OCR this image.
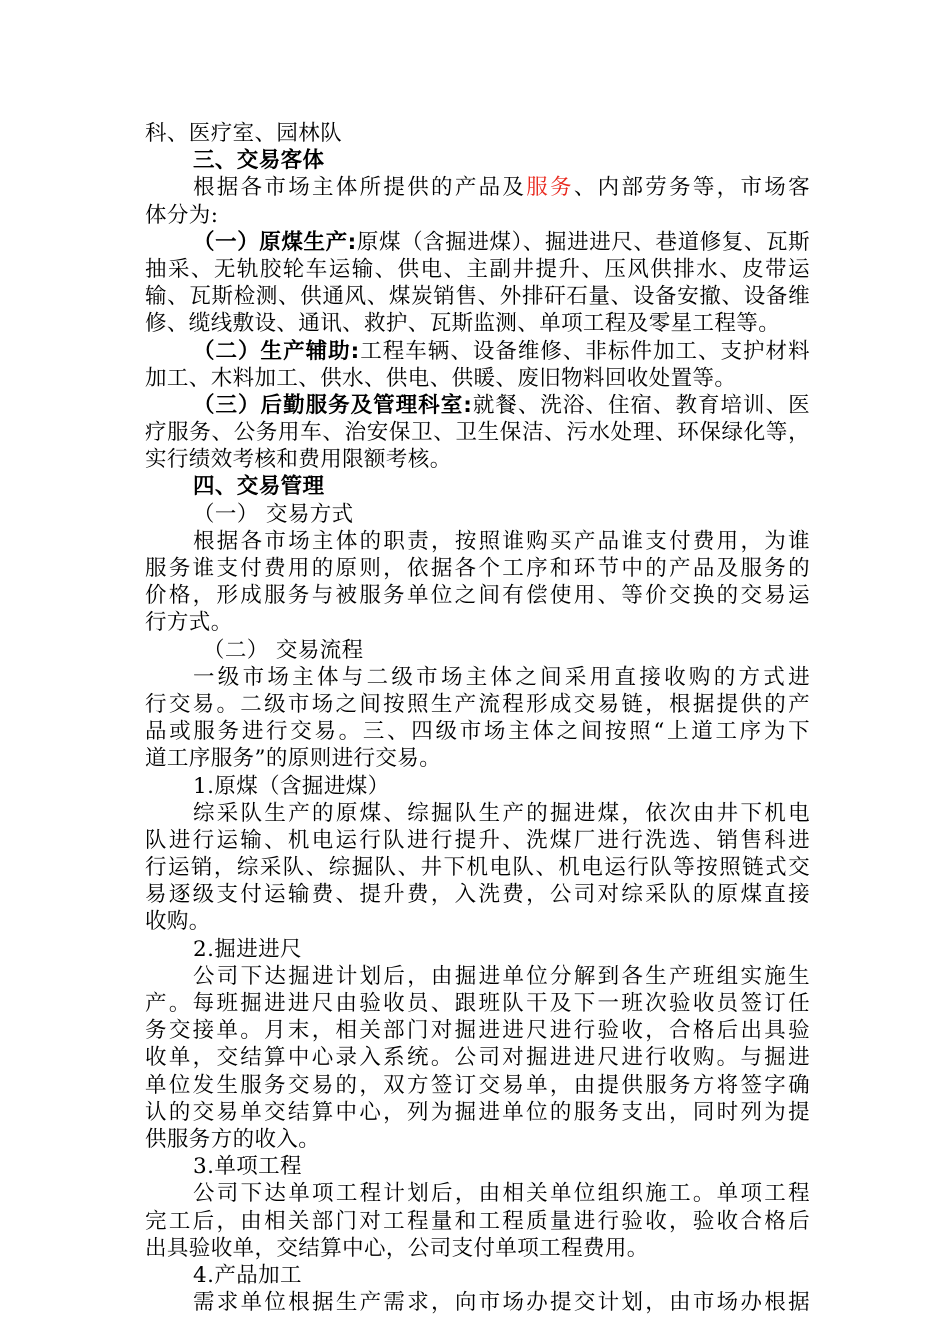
科、医疗室、园林队
三、交易客体
根据各市场主体所提供的产品及服务、内部劳务等，市场客
体分为:
（一）原煤生产:原煤（含掘进煤）、掘进进尺、巷道修复、瓦斯
抽采、无轨胶轮车运输、供电、主副井提升、压风供排水、皮带运
输、瓦斯检测、供通风、煤炭销售、外排矸石量、设备安撤、设备维
修、缆线敷设、通讯、救护、瓦斯监测、单项工程及零星工程等。
（二）生产辅助:工程车辆、设备维修、非标件加工、支护材料
加工、木料加工、供水、供电、供暖、废旧物料回收处置等。
（三）后勤服务及管理科室:就餐、洗浴、住宿、教育培训、医
疗服务、公务用车、治安保卫、卫生保洁、污水处理、环保绿化等，
实行绩效考核和费用限额考核。
四、交易管理
（一） 交易方式
根据各市场主体的职责，按照谁购买产品谁支付费用，为谁
服务谁支付费用的原则，依据各个工序和环节中的产品及服务的
价格，形成服务与被服务单位之间有偿使用、等价交换的交易运
行方式。
（二） 交易流程
一级市场主体与二级市场主体之间采用直接收购的方式进
行交易。二级市场之间按照生产流程形成交易链，根据提供的产
品或服务进行交易。三、四级市场主体之间按照“上道工序为下
道工序服务”的原则进行交易。
1.原煤（含掘进煤）
综采队生产的原煤、综掘队生产的掘进煤，依次由井下机电
队进行运输、机电运行队进行提升、洗煤厂进行洗选、销售科进
行运销，综采队、综掘队、井下机电队、机电运行队等按照链式交
易逐级支付运输费、提升费，入洗费，公司对综采队的原煤直接
收购。
2.掘进进尺
公司下达掘进计划后，由掘进单位分解到各生产班组实施生
产。每班掘进进尺由验收员、跟班队干及下一班次验收员签订任
务交接单。月末，相关部门对掘进进尺进行验收，合格后出具验
收单，交结算中心录入系统。公司对掘进进尺进行收购。与掘进
单位发生服务交易的，双方签订交易单，由提供服务方将签字确
认的交易单交结算中心，列为掘进单位的服务支出，同时列为提
供服务方的收入。
3.单项工程
公司下达单项工程计划后，由相关单位组织施工。单项工程
完工后，由相关部门对工程量和工程质量进行验收，验收合格后
出具验收单，交结算中心，公司支付单项工程费用。
4.产品加工
需求单位根据生产需求，向市场办提交计划，由市场办根据
